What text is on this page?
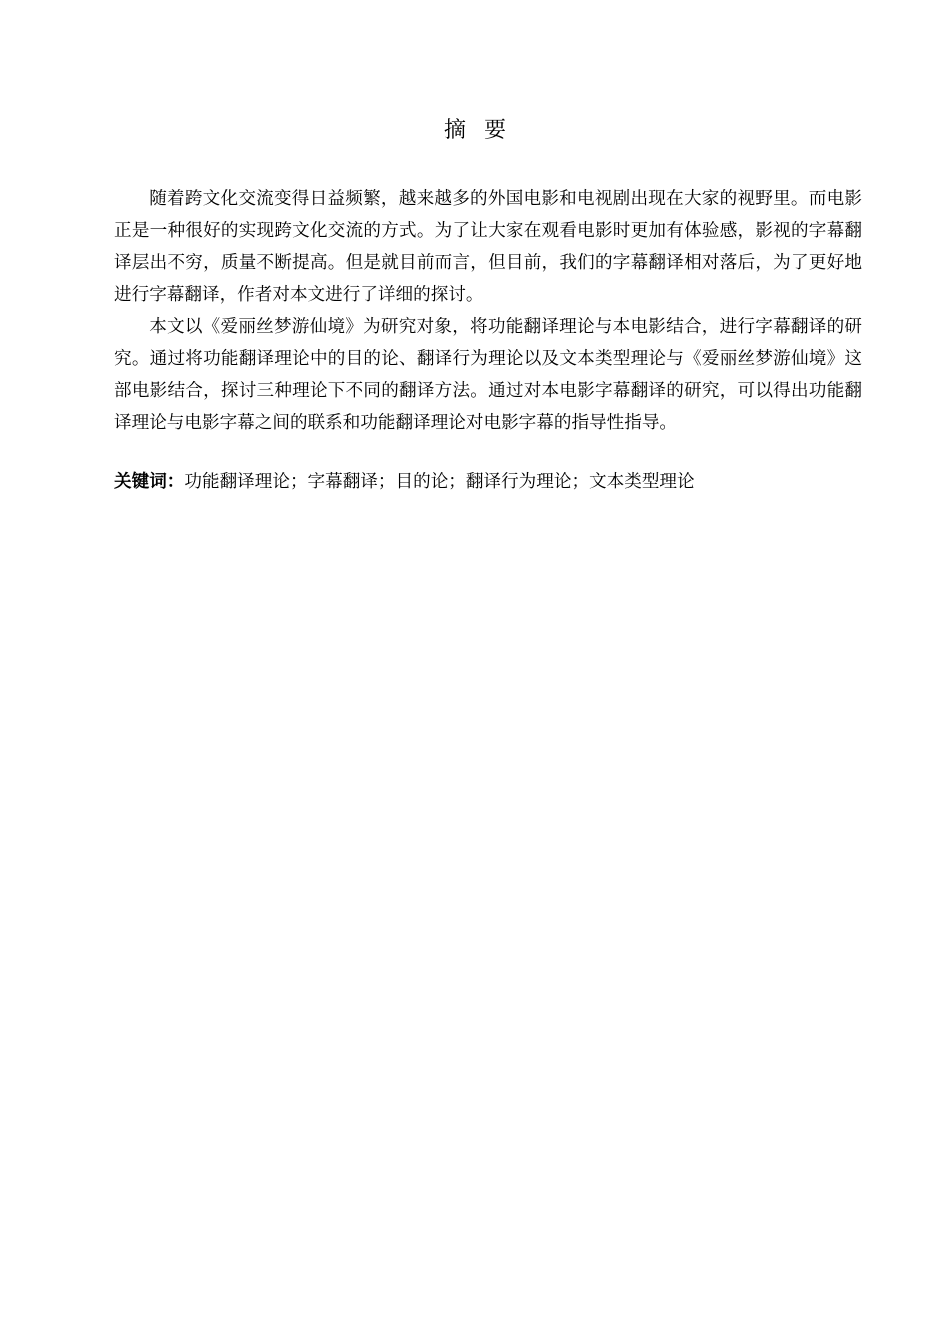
摘要

随着跨文化交流变得日益频繁，越来越多的外国电影和电视剧出现在大家的视野里。而电影正是一种很好的实现跨文化交流的方式。为了让大家在观看电影时更加有体验感，影视的字幕翻译层出不穷，质量不断提高。但是就目前而言，但目前，我们的字幕翻译相对落后，为了更好地进行字幕翻译，作者对本文进行了详细的探讨。

本文以《爱丽丝梦游仙境》为研究对象，将功能翻译理论与本电影结合，进行字幕翻译的研究。通过将功能翻译理论中的目的论、翻译行为理论以及文本类型理论与《爱丽丝梦游仙境》这部电影结合，探讨三种理论下不同的翻译方法。通过对本电影字幕翻译的研究，可以得出功能翻译理论与电影字幕之间的联系和功能翻译理论对电影字幕的指导性指导。

关键词：功能翻译理论；字幕翻译；目的论；翻译行为理论；文本类型理论
